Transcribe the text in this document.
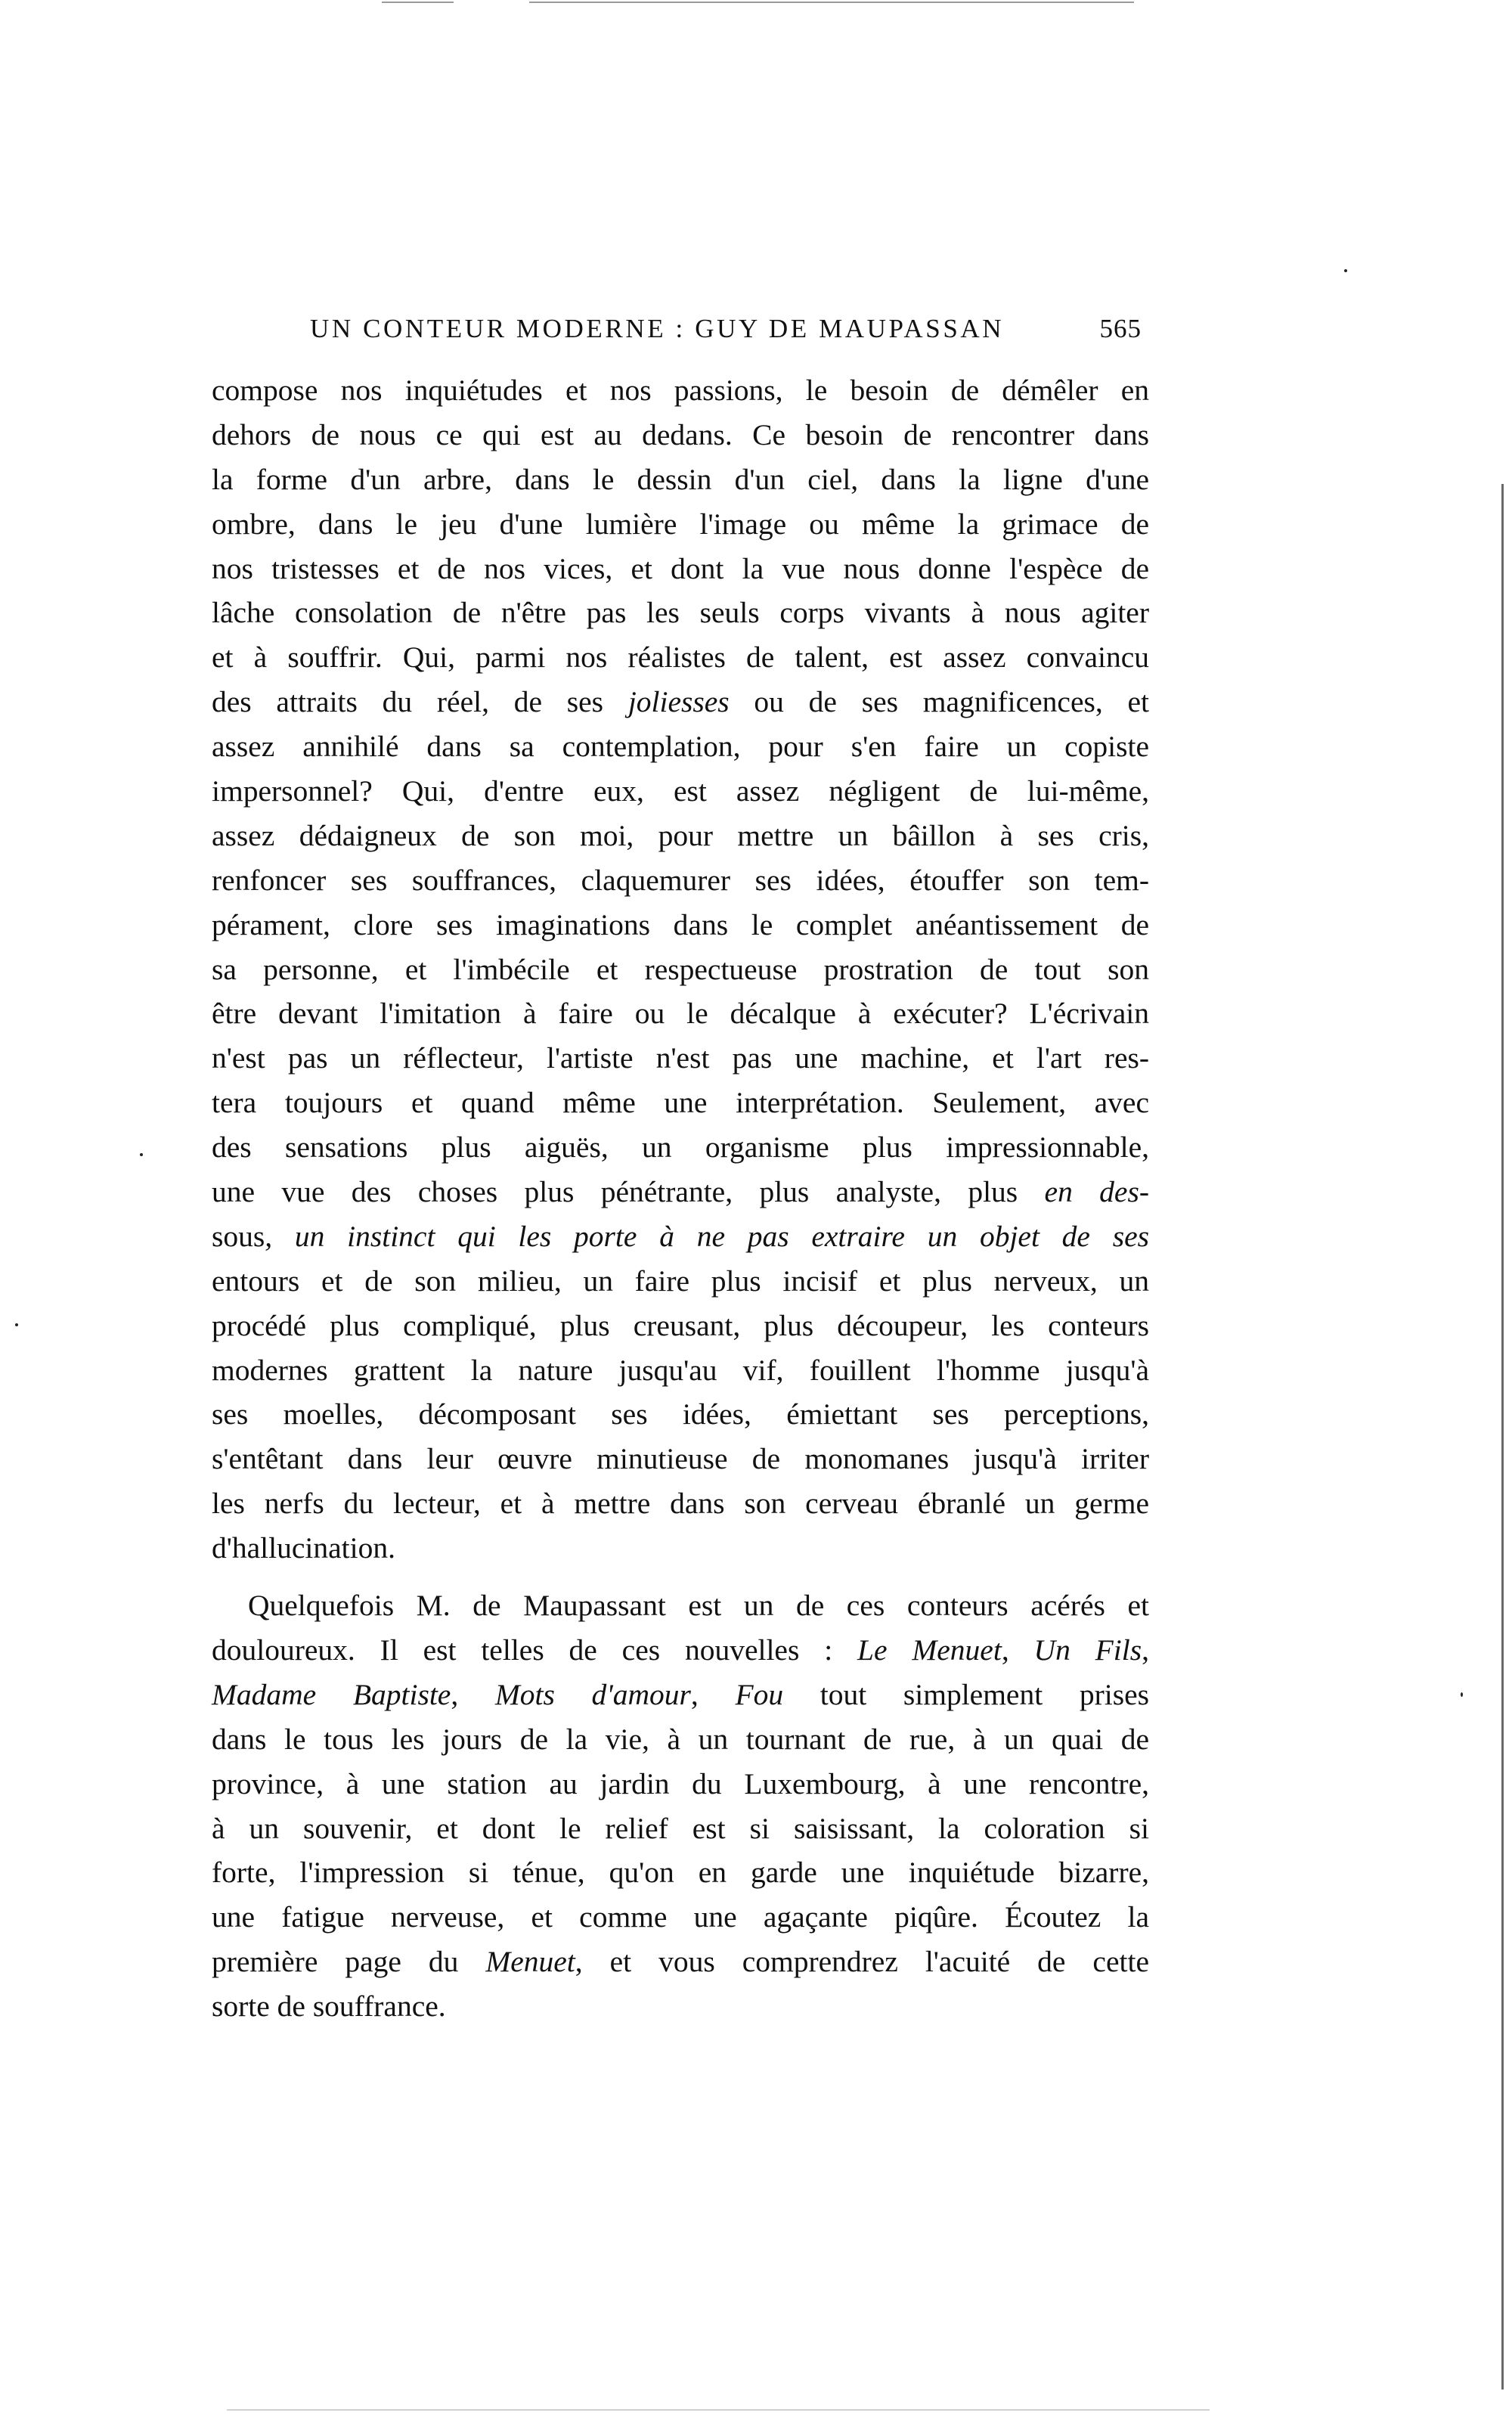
UN CONTEUR MODERNE : GUY DE MAUPASSAN	565
compose nos inquiétudes et nos passions, le besoin de démêler en
dehors de nous ce qui est au dedans. Ce besoin de rencontrer dans
la forme d'un arbre, dans le dessin d'un ciel, dans la ligne d'une
ombre, dans le jeu d'une lumière l'image ou même la grimace de
nos tristesses et de nos vices, et dont la vue nous donne l'espèce de
lâche consolation de n'être pas les seuls corps vivants à nous agiter
et à souffrir. Qui, parmi nos réalistes de talent, est assez convaincu
des attraits du réel, de ses joliesses ou de ses magnificences, et
assez annihilé dans sa contemplation, pour s'en faire un copiste
impersonnel? Qui, d'entre eux, est assez négligent de lui-même,
assez dédaigneux de son moi, pour mettre un bâillon à ses cris,
renfoncer ses souffrances, claquemurer ses idées, étouffer son tem-
pérament, clore ses imaginations dans le complet anéantissement de
sa personne, et l'imbécile et respectueuse prostration de tout son
être devant l'imitation à faire ou le décalque à exécuter? L'écrivain
n'est pas un réflecteur, l'artiste n'est pas une machine, et l'art res-
tera toujours et quand même une interprétation. Seulement, avec
des sensations plus aiguës, un organisme plus impressionnable,
une vue des choses plus pénétrante, plus analyste, plus en des-
sous, un instinct qui les porte à ne pas extraire un objet de ses
entours et de son milieu, un faire plus incisif et plus nerveux, un
procédé plus compliqué, plus creusant, plus découpeur, les conteurs
modernes grattent la nature jusqu'au vif, fouillent l'homme jusqu'à
ses moelles, décomposant ses idées, émiettant ses perceptions,
s'entêtant dans leur œuvre minutieuse de monomanes jusqu'à irriter
les nerfs du lecteur, et à mettre dans son cerveau ébranlé un germe
d'hallucination.
Quelquefois M. de Maupassant est un de ces conteurs acérés et
douloureux. Il est telles de ces nouvelles : Le Menuet, Un Fils,
Madame Baptiste, Mots d'amour, Fou tout simplement prises
dans le tous les jours de la vie, à un tournant de rue, à un quai de
province, à une station au jardin du Luxembourg, à une rencontre,
à un souvenir, et dont le relief est si saisissant, la coloration si
forte, l'impression si ténue, qu'on en garde une inquiétude bizarre,
une fatigue nerveuse, et comme une agaçante piqûre. Écoutez la
première page du Menuet, et vous comprendrez l'acuité de cette
sorte de souffrance.
